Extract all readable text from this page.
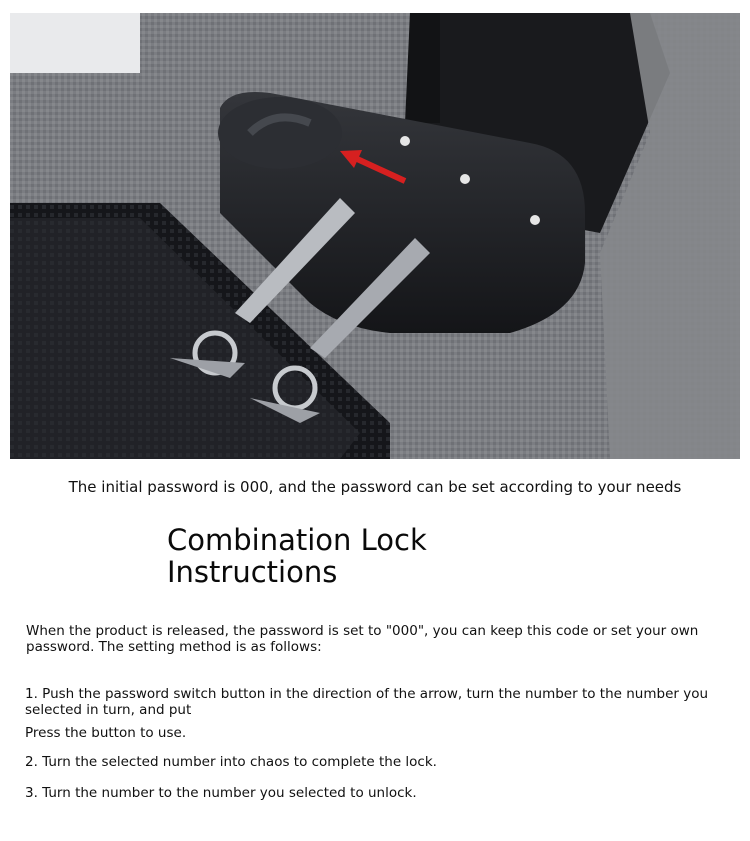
The initial password is 000, and the password can be set according to your needs
Combination Lock
Instructions
When the product is released, the password is set to "000", you can keep this code or set your own password. The setting method is as follows:
1. Push the password switch button in the direction of the arrow, turn the number to the number you selected in turn, and put
Press the button to use.
2. Turn the selected number into chaos to complete the lock.
3. Turn the number to the number you selected to unlock.
